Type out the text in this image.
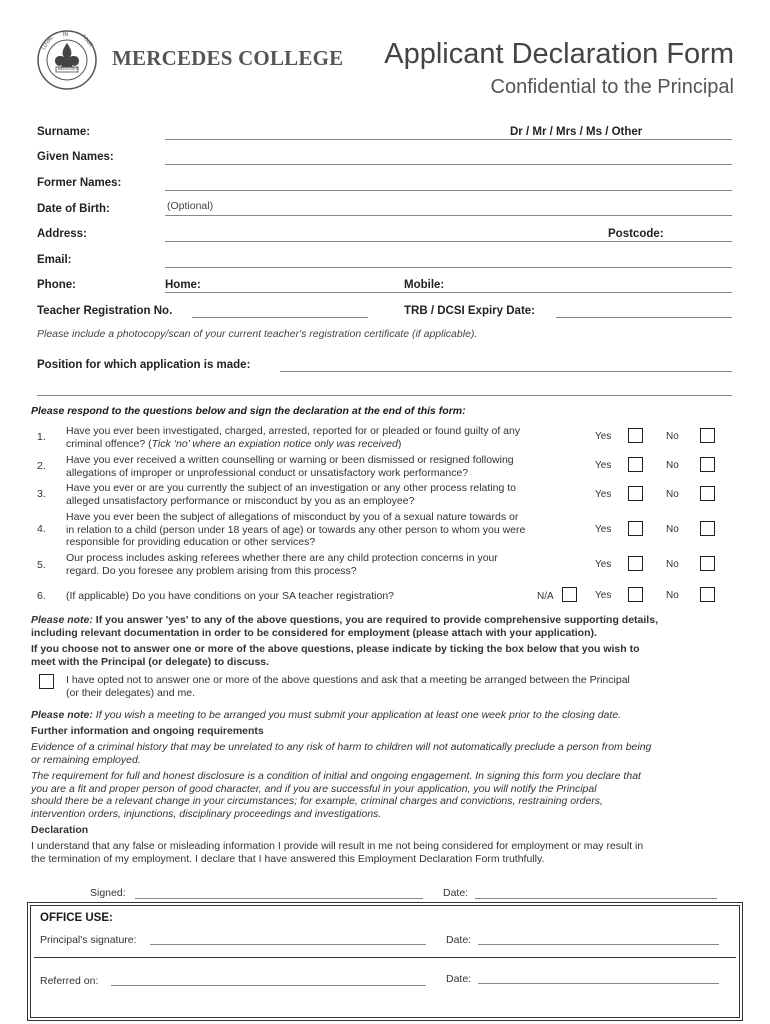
LOYAL IN FOUR
MERCEDES MERCEDES COLLEGE Applicant Declaration Form
Confidential to the Principal
Surname:	Dr / Mr / Mrs / Ms / Other
Given Names:
Former Names:
Date of Birth:	(Optional)
Address:	Postcode:
Email:
Phone:	Home:	Mobile:
Teacher Registration No.	TRB / DCSI Expiry Date:
Please include a photocopy/scan of your current teacher's registration certificate (if applicable).
Position for which application is made:
Please respond to the questions below and sign the declaration at the end of this form:
1. Have you ever been investigated, charged, arrested, reported for or pleaded or found guilty of any
criminal offence? (Tick ‘no’ where an expiation notice only was received)
Yes	No
2. Have you ever received a written counselling or warning or been dismissed or resigned following
allegations of improper or unprofessional conduct or unsatisfactory work performance?
Yes	No
3. Have you ever or are you currently the subject of an investigation or any other process relating to
alleged unsatisfactory performance or misconduct by you as an employee?	Yes	No
4.
Have you ever been the subject of allegations of misconduct by you of a sexual nature towards or
in relation to a child (person under 18 years of age) or towards any other person to whom you were
responsible for providing education or other services?
Yes	No
5.
Our process includes asking referees whether there are any child protection concerns in your
regard. Do you foresee any problem arising from this process?	Yes	No
6. (If applicable) Do you have conditions on your SA teacher registration?	N/A	Yes	No
Please note: If you answer 'yes' to any of the above questions, you are required to provide comprehensive supporting details,
including relevant documentation in order to be considered for employment (please attach with your application).
If you choose not to answer one or more of the above questions, please indicate by ticking the box below that you wish to
meet with the Principal (or delegate) to discuss.
I have opted not to answer one or more of the above questions and ask that a meeting be arranged between the Principal
(or their delegates) and me.
Please note: If you wish a meeting to be arranged you must submit your application at least one week prior to the closing date.
Further information and ongoing requirements
Evidence of a criminal history that may be unrelated to any risk of harm to children will not automatically preclude a person from being
or remaining employed.
The requirement for full and honest disclosure is a condition of initial and ongoing engagement. In signing this form you declare that
you are a fit and proper person of good character, and if you are successful in your application, you will notify the Principal
should there be a relevant change in your circumstances; for example, criminal charges and convictions, restraining orders,
intervention orders, injunctions, disciplinary proceedings and investigations.
Declaration
I understand that any false or misleading information I provide will result in me not being considered for employment or may result in
the termination of my employment. I declare that I have answered this Employment Declaration Form truthfully.
Signed:	Date:
OFFICE USE:
Principal's signature:	Date:
Referred on:	Date:
